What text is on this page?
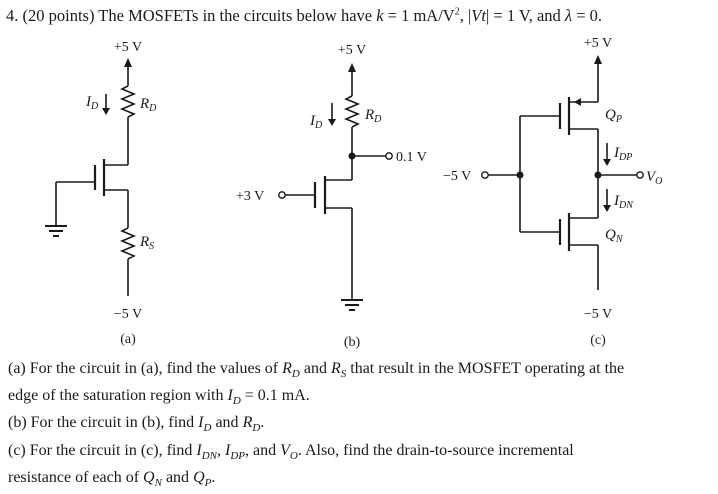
4. (20 points) The MOSFETs in the circuits below have k = 1 $mA/V^2$, |Vt| = 1 V, and λ = 0.
+5 V
$I_D$	$R_D$
$R_S$
−5 V
(a)
+5 V
$I_D$
$R_D$
0.1 V
+3 V
(b)
+5 V
$Q_P$
$I_{DP}$
$V_O$
$I_{DN}$
$Q_N$
−5 V
−5 V
(c)

(a) For the circuit in (a), find the values of $R_D$ and $R_S$ that result in the MOSFET operating at the
edge of the saturation region with $I_D = 0.1$ mA.

(b) For the circuit in (b), find $I_D$ and $R_D$.

(c) For the circuit in (c), find $I_{DN}$, $I_{DP}$, and $V_O$. Also, find the drain-to-source incremental
resistance of each of $Q_N$ and $Q_P$.
